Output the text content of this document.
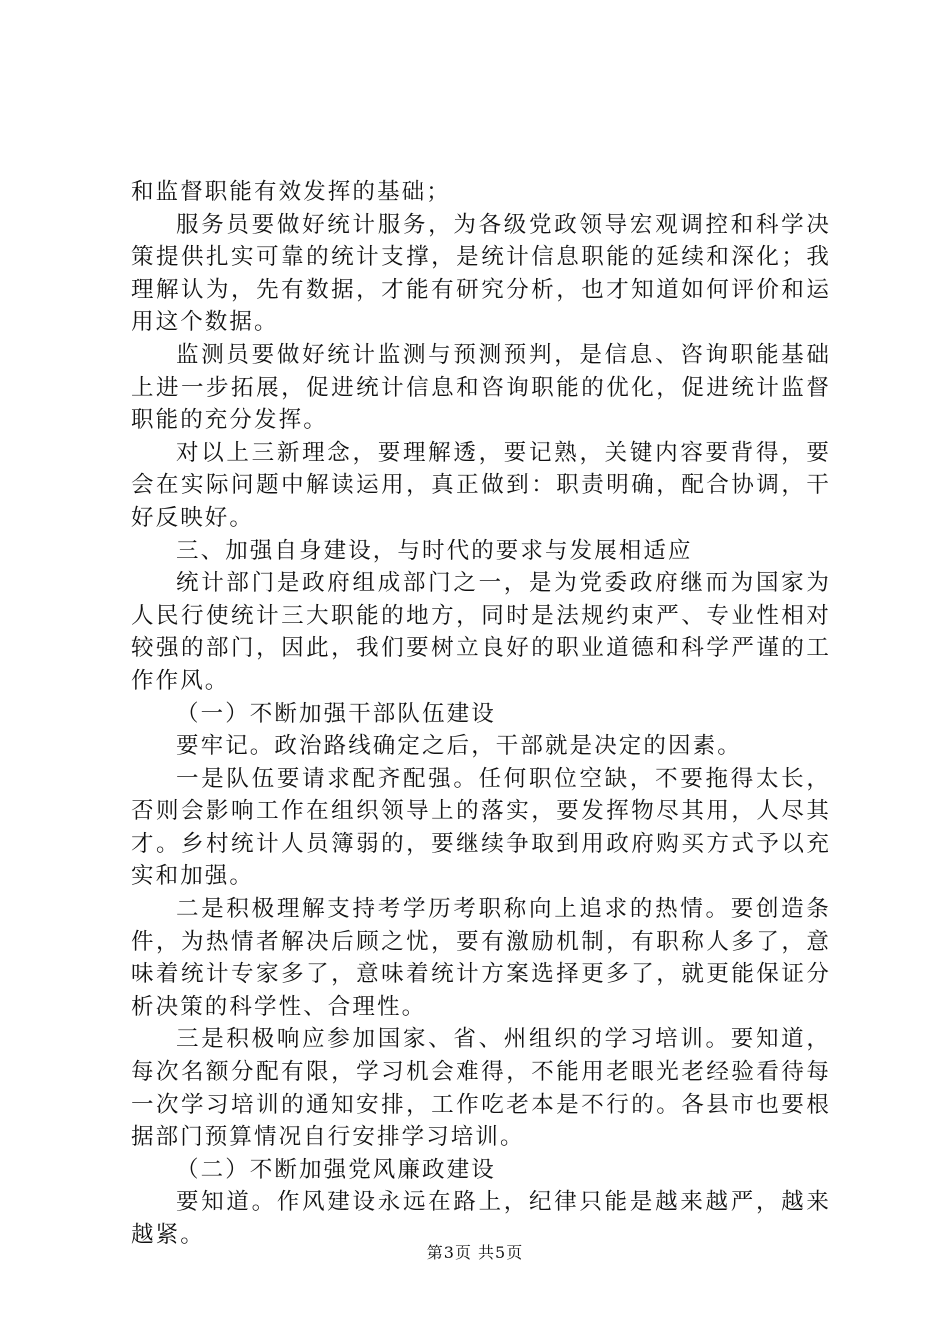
和监督职能有效发挥的基础；

服务员要做好统计服务，为各级党政领导宏观调控和科学决策提供扎实可靠的统计支撑，是统计信息职能的延续和深化；我理解认为，先有数据，才能有研究分析，也才知道如何评价和运用这个数据。

监测员要做好统计监测与预测预判，是信息、咨询职能基础上进一步拓展，促进统计信息和咨询职能的优化，促进统计监督职能的充分发挥。

对以上三新理念，要理解透，要记熟，关键内容要背得，要会在实际问题中解读运用，真正做到：职责明确，配合协调，干好反映好。

三、加强自身建设，与时代的要求与发展相适应

统计部门是政府组成部门之一，是为党委政府继而为国家为人民行使统计三大职能的地方，同时是法规约束严、专业性相对较强的部门，因此，我们要树立良好的职业道德和科学严谨的工作作风。

（一）不断加强干部队伍建设

要牢记。政治路线确定之后，干部就是决定的因素。

一是队伍要请求配齐配强。任何职位空缺，不要拖得太长，否则会影响工作在组织领导上的落实，要发挥物尽其用，人尽其才。乡村统计人员簿弱的，要继续争取到用政府购买方式予以充实和加强。

二是积极理解支持考学历考职称向上追求的热情。要创造条件，为热情者解决后顾之忧，要有激励机制，有职称人多了，意味着统计专家多了，意味着统计方案选择更多了，就更能保证分析决策的科学性、合理性。

三是积极响应参加国家、省、州组织的学习培训。要知道，每次名额分配有限，学习机会难得，不能用老眼光老经验看待每一次学习培训的通知安排，工作吃老本是不行的。各县市也要根据部门预算情况自行安排学习培训。

（二）不断加强党风廉政建设

要知道。作风建设永远在路上，纪律只能是越来越严，越来越紧。

第3页 共5页
